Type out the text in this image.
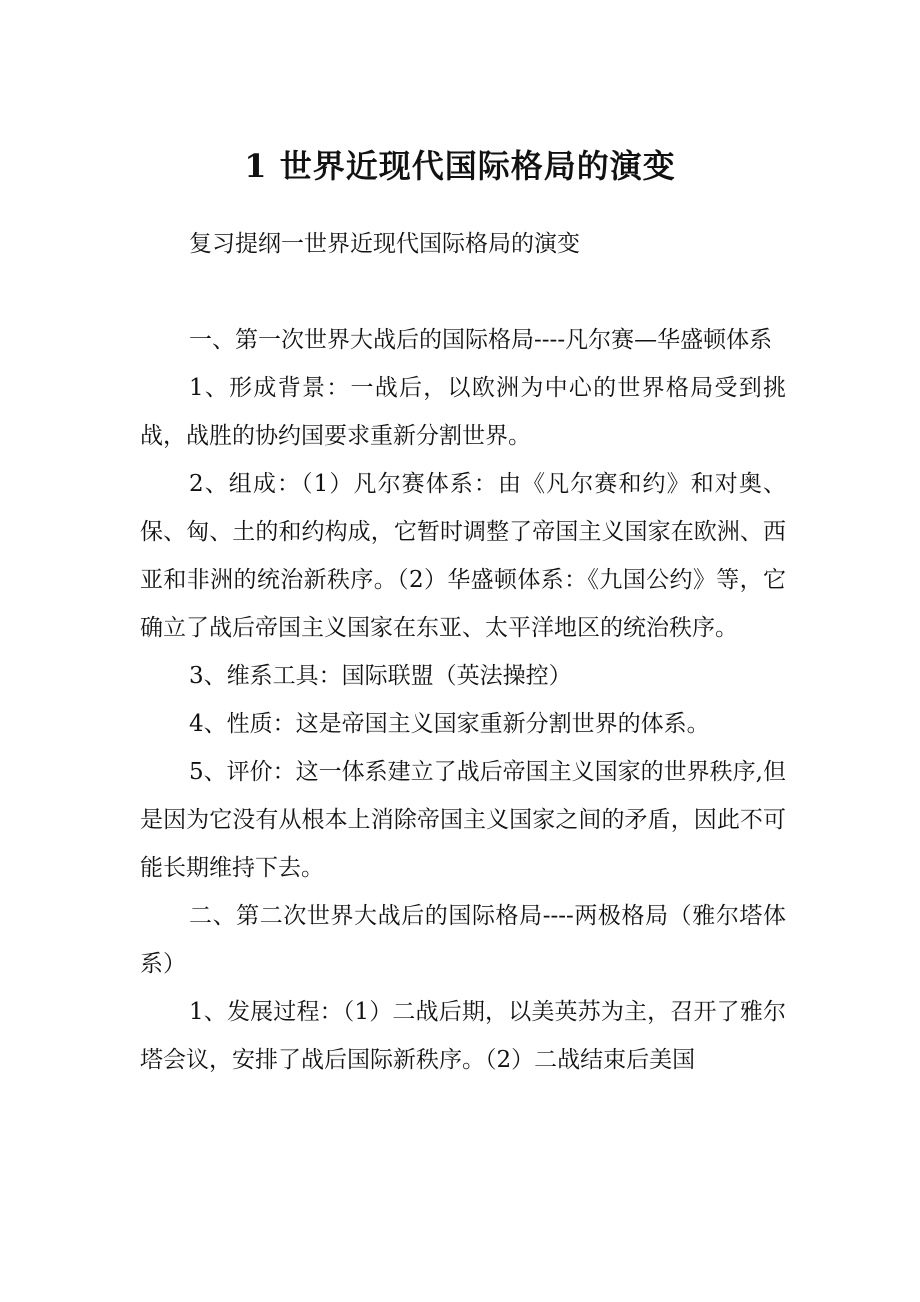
1 世界近现代国际格局的演变

复习提纲一世界近现代国际格局的演变

一、第一次世界大战后的国际格局----凡尔赛—华盛顿体系

1、形成背景：一战后，以欧洲为中心的世界格局受到挑战，战胜的协约国要求重新分割世界。

2、组成：（1）凡尔赛体系：由《凡尔赛和约》和对奥、保、匈、土的和约构成，它暂时调整了帝国主义国家在欧洲、西亚和非洲的统治新秩序。（2）华盛顿体系：《九国公约》等，它确立了战后帝国主义国家在东亚、太平洋地区的统治秩序。

3、维系工具：国际联盟（英法操控）

4、性质：这是帝国主义国家重新分割世界的体系。

5、评价：这一体系建立了战后帝国主义国家的世界秩序,但是因为它没有从根本上消除帝国主义国家之间的矛盾，因此不可能长期维持下去。

二、第二次世界大战后的国际格局----两极格局（雅尔塔体系）

1、发展过程：（1）二战后期，以美英苏为主，召开了雅尔塔会议，安排了战后国际新秩序。（2）二战结束后美国
